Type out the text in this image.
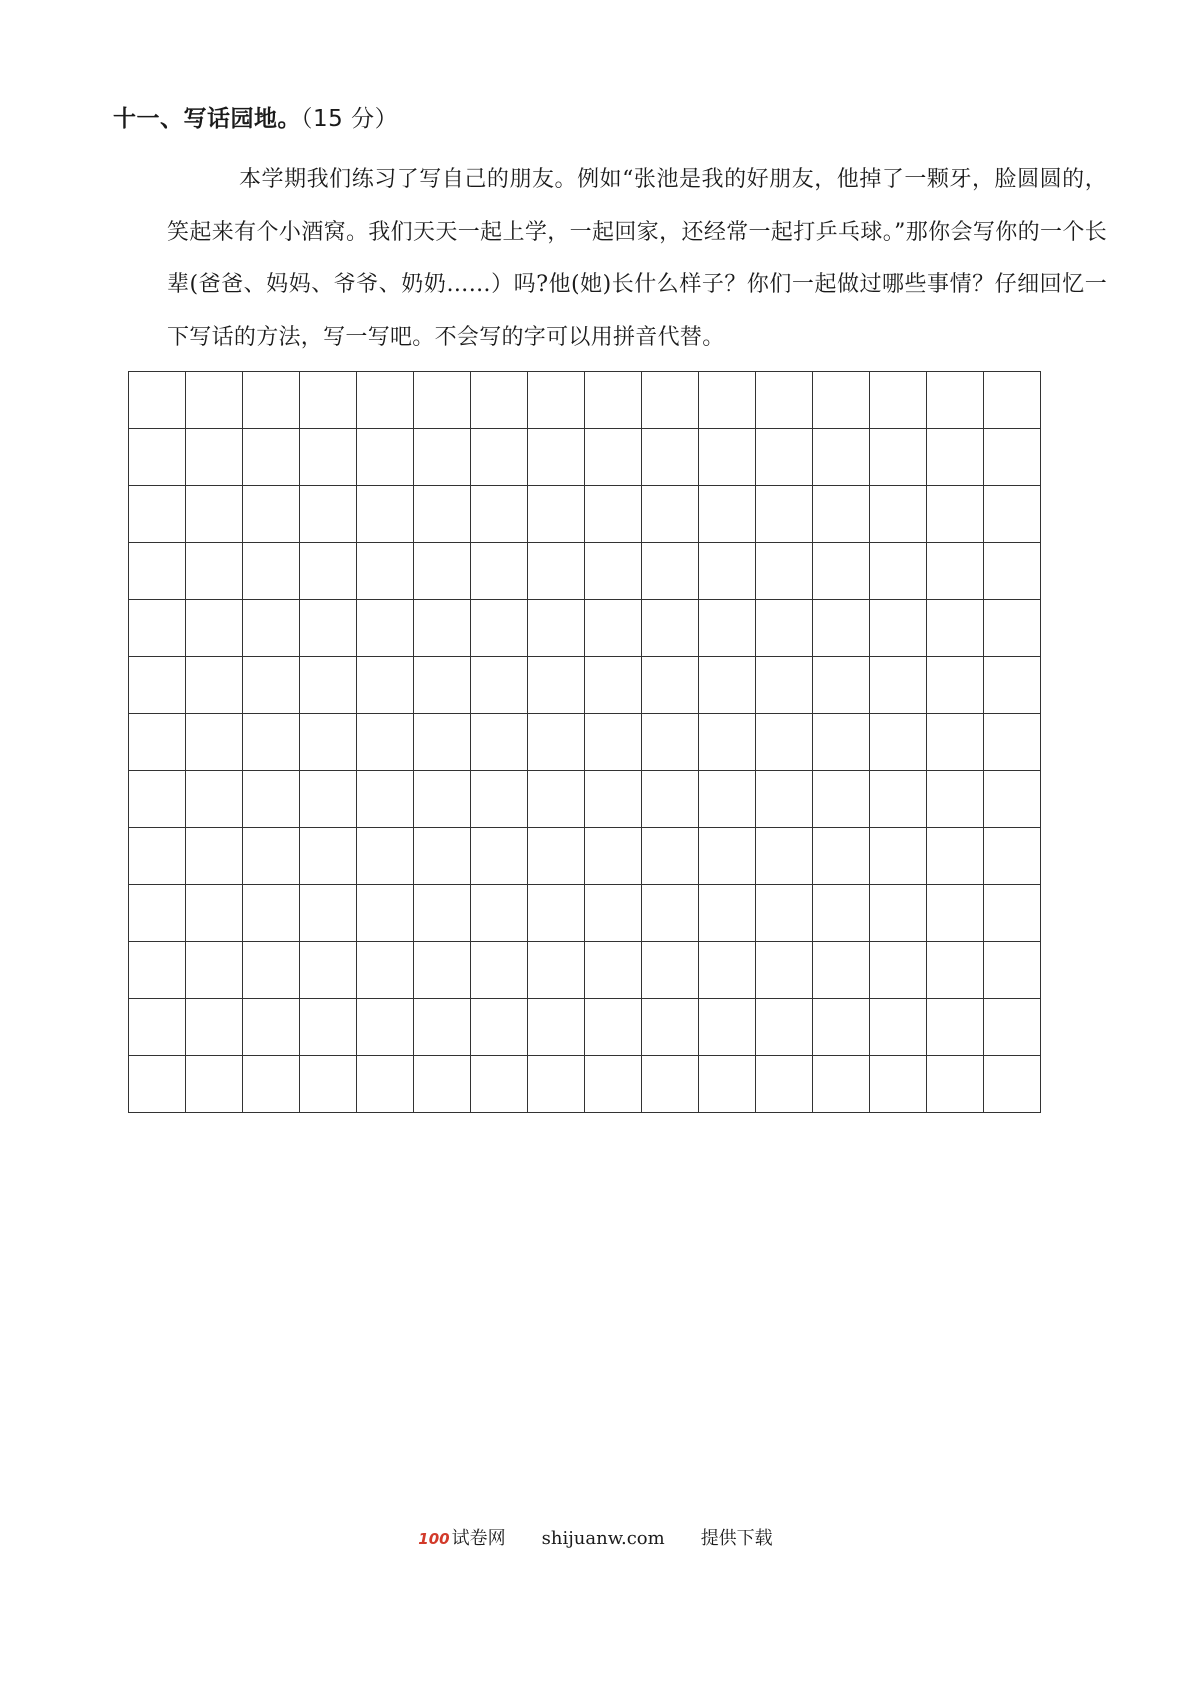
十一、写话园地。（15 分）

本学期我们练习了写自己的朋友。例如“张池是我的好朋友，他掉了一颗牙，脸圆圆的，笑起来有个小酒窝。我们天天一起上学，一起回家，还经常一起打乒乓球。”那你会写你的一个长辈(爸爸、妈妈、爷爷、奶奶……）吗?他(她)长什么样子？你们一起做过哪些事情？仔细回忆一下写话的方法，写一写吧。不会写的字可以用拼音代替。

100 试卷网 shijuanw.com 提供下载
